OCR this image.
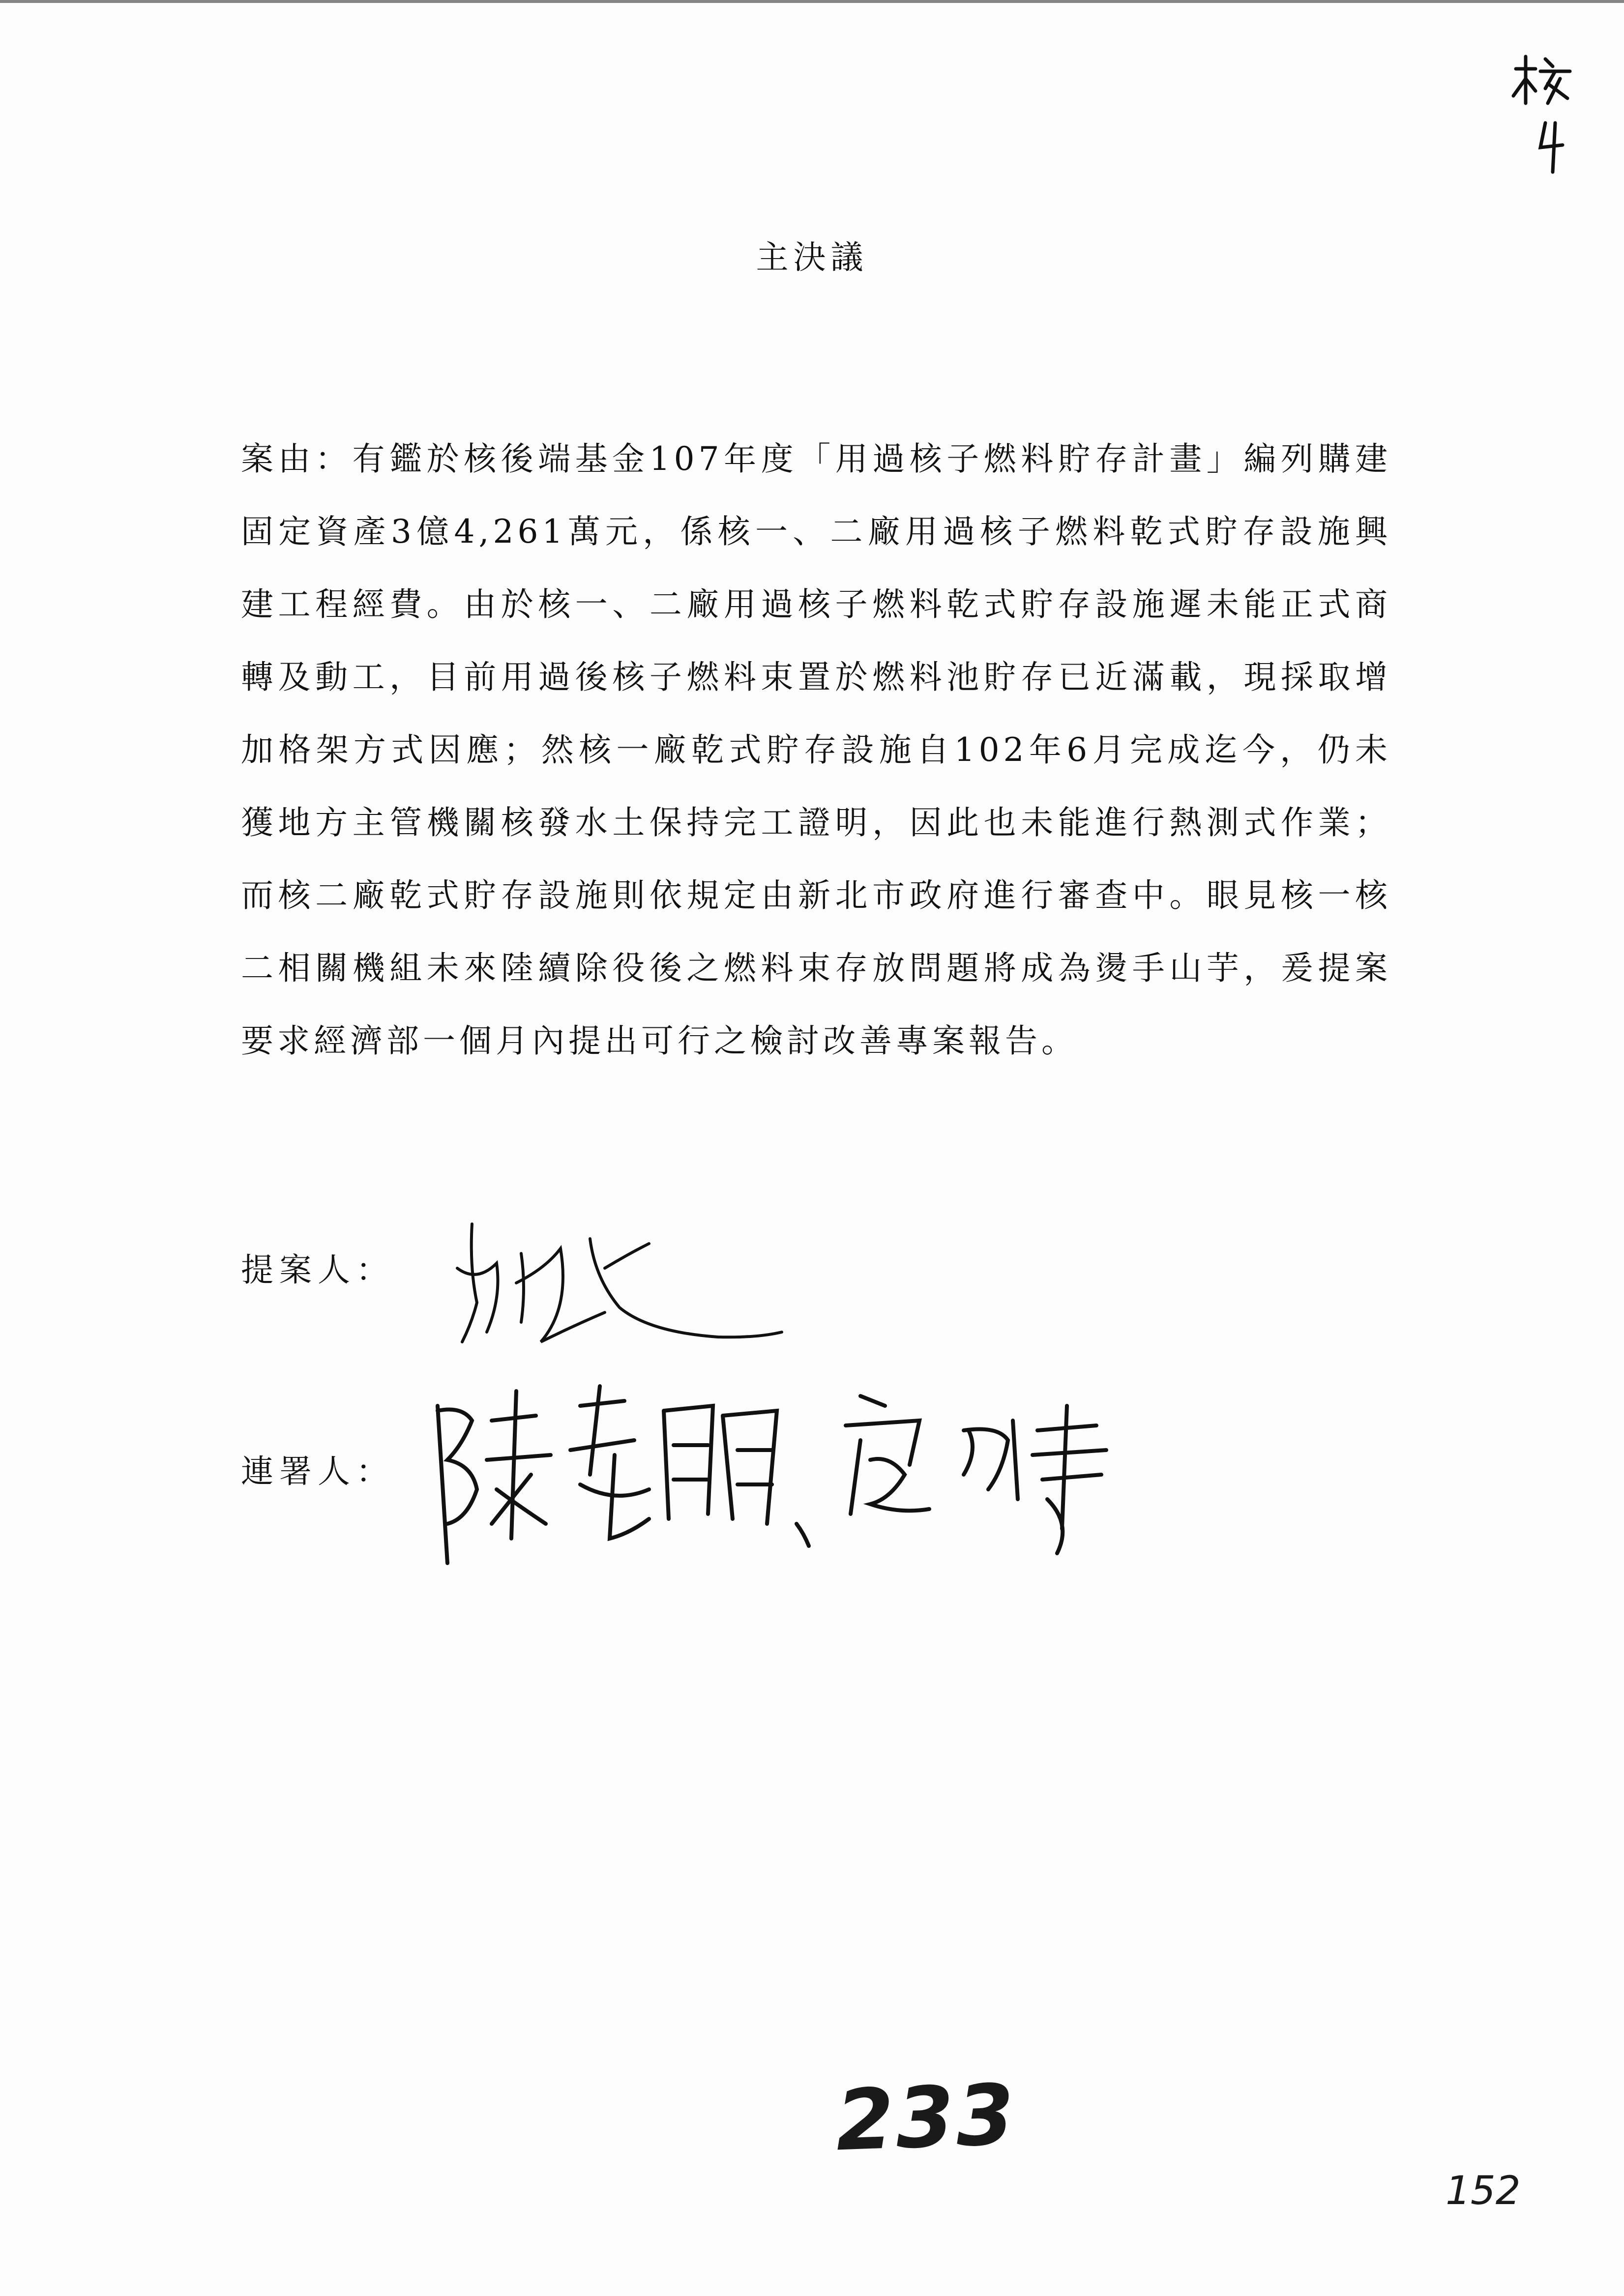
主決議

案由：有鑑於核後端基金107年度「用過核子燃料貯存計畫」編列購建固定資產3億4,261萬元，係核一、二廠用過核子燃料乾式貯存設施興建工程經費。由於核一、二廠用過核子燃料乾式貯存設施遲未能正式商轉及動工，目前用過後核子燃料束置於燃料池貯存已近滿載，現採取增加格架方式因應；然核一廠乾式貯存設施自102年6月完成迄今，仍未獲地方主管機關核發水土保持完工證明，因此也未能進行熱測式作業；而核二廠乾式貯存設施則依規定由新北市政府進行審查中。眼見核一核二相關機組未來陸續除役後之燃料束存放問題將成為燙手山芋，爰提案要求經濟部一個月內提出可行之檢討改善專案報告。

提案人：
連署人：
233
152
